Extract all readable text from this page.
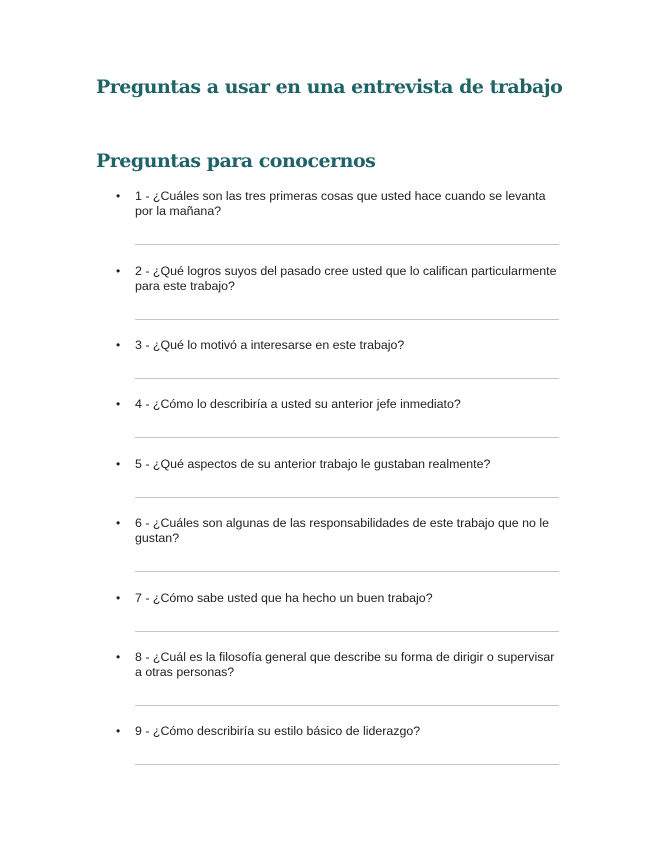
Preguntas a usar en una entrevista de trabajo
Preguntas para conocernos
• 1 - ¿Cuáles son las tres primeras cosas que usted hace cuando se levanta por la mañana?
• 2 - ¿Qué logros suyos del pasado cree usted que lo califican particularmente para este trabajo?
• 3 - ¿Qué lo motivó a interesarse en este trabajo?
• 4 - ¿Cómo lo describiría a usted su anterior jefe inmediato?
• 5 - ¿Qué aspectos de su anterior trabajo le gustaban realmente?
• 6 - ¿Cuáles son algunas de las responsabilidades de este trabajo que no le gustan?
• 7 - ¿Cómo sabe usted que ha hecho un buen trabajo?
• 8 - ¿Cuál es la filosofía general que describe su forma de dirigir o supervisar a otras personas?
• 9 - ¿Cómo describiría su estilo básico de liderazgo?
